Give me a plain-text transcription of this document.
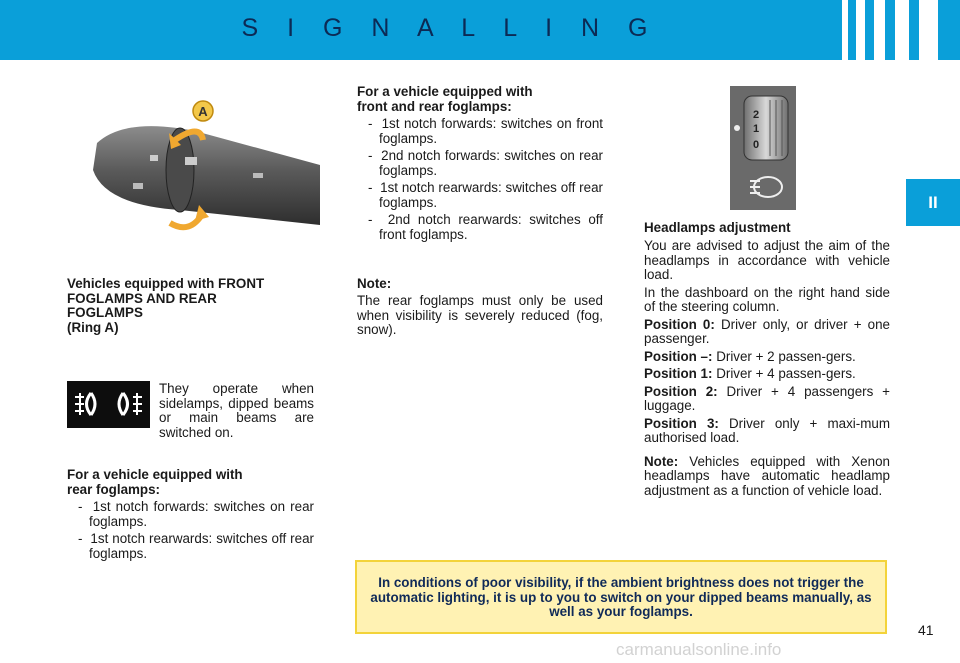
S I G N A L L I N G
II
A
Vehicles equipped with FRONT
FOGLAMPS AND REAR
FOGLAMPS
(Ring A)
They operate when sidelamps, dipped beams or main beams are switched on.
For a vehicle equipped with
rear foglamps:

- 1st notch forwards: switches on rear foglamps.

- 1st notch rearwards: switches off rear foglamps.

For a vehicle equipped with
front and rear foglamps:

- 1st notch forwards: switches on front foglamps.

- 2nd notch forwards: switches on rear foglamps.

- 1st notch rearwards: switches off rear foglamps.

- 2nd notch rearwards: switches off front foglamps.

Note:
The rear foglamps must only be used when visibility is severely reduced (fog, snow).
2
1
0
Headlamps adjustment

You are advised to adjust the aim of the headlamps in accordance with vehicle load.

In the dashboard on the right hand side of the steering column.

Position 0: Driver only, or driver + one passenger.

Position –: Driver + 2 passen-gers.

Position 1: Driver + 4 passen-gers.

Position 2: Driver + 4 passengers + luggage.

Position 3: Driver only + maxi-mum authorised load.

Note: Vehicles equipped with Xenon headlamps have automatic headlamp adjustment as a function of vehicle load.

In conditions of poor visibility, if the ambient brightness does not trigger the automatic lighting, it is up to you to switch on your dipped beams manually, as well as your foglamps.
41
carmanualsonline.info
